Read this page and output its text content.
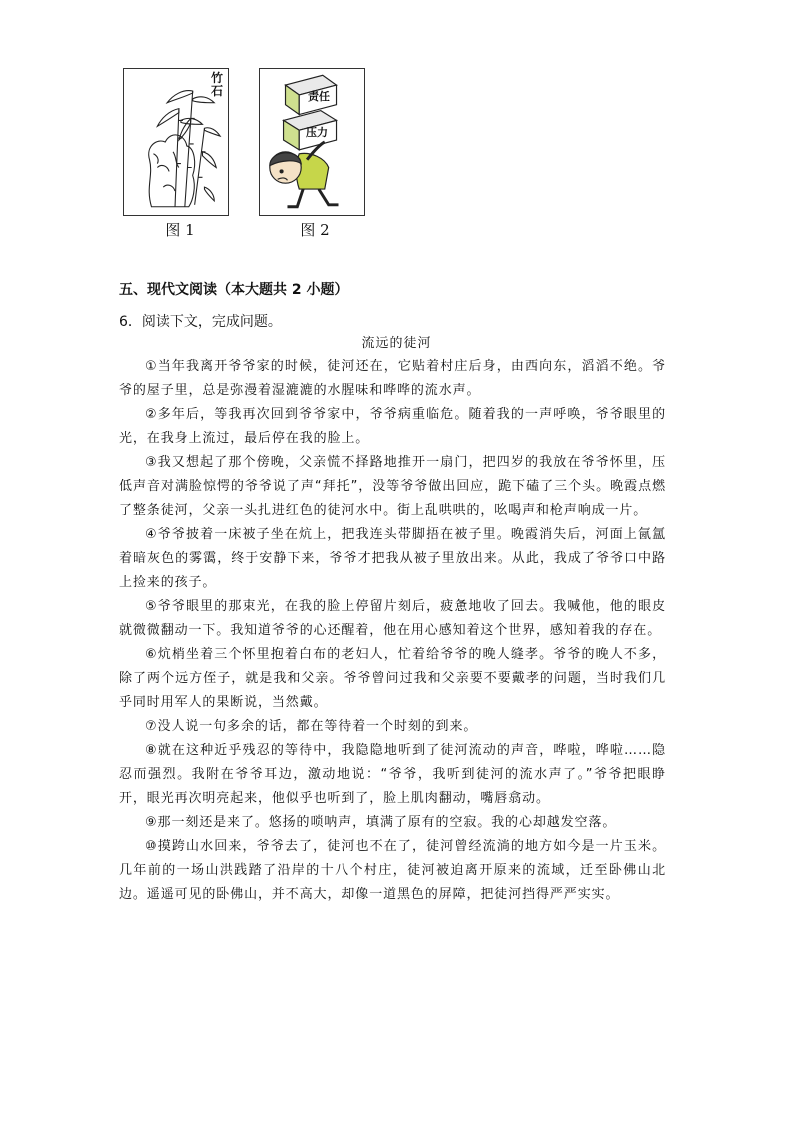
竹石
图 1
责任
压力
图 2
五、现代文阅读（本大题共 2 小题）
6．阅读下文，完成问题。
流远的徒河

①当年我离开爷爷家的时候，徒河还在，它贴着村庄后身，由西向东，滔滔不绝。爷爷的屋子里，总是弥漫着湿漉漉的水腥味和哗哗的流水声。

②多年后，等我再次回到爷爷家中，爷爷病重临危。随着我的一声呼唤，爷爷眼里的光，在我身上流过，最后停在我的脸上。

③我又想起了那个傍晚，父亲慌不择路地推开一扇门，把四岁的我放在爷爷怀里，压低声音对满脸惊愕的爷爷说了声“拜托”，没等爷爷做出回应，跪下磕了三个头。晚霞点燃了整条徒河，父亲一头扎进红色的徒河水中。街上乱哄哄的，吆喝声和枪声响成一片。

④爷爷披着一床被子坐在炕上，把我连头带脚捂在被子里。晚霞消失后，河面上氤氲着暗灰色的雾霭，终于安静下来，爷爷才把我从被子里放出来。从此，我成了爷爷口中路上捡来的孩子。

⑤爷爷眼里的那束光，在我的脸上停留片刻后，疲惫地收了回去。我喊他，他的眼皮就微微翻动一下。我知道爷爷的心还醒着，他在用心感知着这个世界，感知着我的存在。

⑥炕梢坐着三个怀里抱着白布的老妇人，忙着给爷爷的晚人缝孝。爷爷的晚人不多，除了两个远方侄子，就是我和父亲。爷爷曾问过我和父亲要不要戴孝的问题，当时我们几乎同时用军人的果断说，当然戴。

⑦没人说一句多余的话，都在等待着一个时刻的到来。

⑧就在这种近乎残忍的等待中，我隐隐地听到了徒河流动的声音，哗啦，哗啦……隐忍而强烈。我附在爷爷耳边，激动地说：“爷爷，我听到徒河的流水声了。”爷爷把眼睁开，眼光再次明亮起来，他似乎也听到了，脸上肌肉翻动，嘴唇翕动。

⑨那一刻还是来了。悠扬的唢呐声，填满了原有的空寂。我的心却越发空落。

⑩摸跨山水回来，爷爷去了，徒河也不在了，徒河曾经流淌的地方如今是一片玉米。几年前的一场山洪践踏了沿岸的十八个村庄，徒河被迫离开原来的流域，迁至卧佛山北边。遥遥可见的卧佛山，并不高大，却像一道黑色的屏障，把徒河挡得严严实实。
